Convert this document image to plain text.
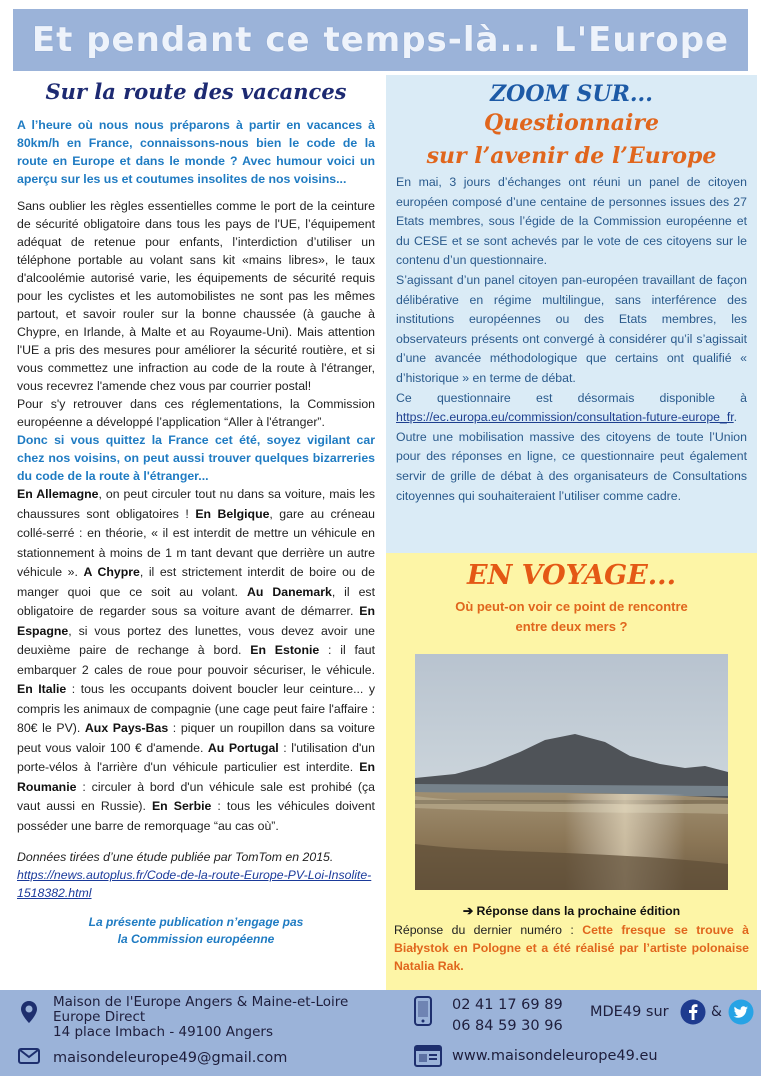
Et pendant ce temps-là... L'Europe
Sur la route des vacances

A l’heure où nous nous préparons à partir en vacances à 80km/h en France, connaissons-nous bien le code de la route en Europe et dans le monde ? Avec humour voici un aperçu sur les us et coutumes insolites de nos voisins...

Sans oublier les règles essentielles comme le port de la ceinture de sécurité obligatoire dans tous les pays de l'UE, l’équipement adéquat de retenue pour enfants, l’interdiction d’utiliser un téléphone portable au volant sans kit «mains libres», le taux d'alcoolémie autorisé varie, les équipements de sécurité requis pour les cyclistes et les automobilistes ne sont pas les mêmes partout, et savoir rouler sur la bonne chaussée (à gauche à Chypre, en Irlande, à Malte et au Royaume-Uni). Mais attention l'UE a pris des mesures pour améliorer la sécurité routière, et si vous commettez une infraction au code de la route à l'étranger, vous recevrez l'amende chez vous par courrier postal!

Pour s'y retrouver dans ces réglementations, la Commission européenne a développé l’application “Aller à l'étranger”.

Donc si vous quittez la France cet été, soyez vigilant car chez nos voisins, on peut aussi trouver quelques bizarreries du code de la route à l'étranger...

En Allemagne, on peut circuler tout nu dans sa voiture, mais les chaussures sont obligatoires ! En Belgique, gare au créneau collé-serré : en théorie, « il est interdit de mettre un véhicule en stationnement à moins de 1 m tant devant que derrière un autre véhicule ». A Chypre, il est strictement interdit de boire ou de manger quoi que ce soit au volant. Au Danemark, il est obligatoire de regarder sous sa voiture avant de démarrer. En Espagne, si vous portez des lunettes, vous devez avoir une deuxième paire de rechange à bord. En Estonie : il faut embarquer 2 cales de roue pour pouvoir sécuriser, le véhicule. En Italie : tous les occupants doivent boucler leur ceinture... y compris les animaux de compagnie (une cage peut faire l'affaire : 80€ le PV). Aux Pays-Bas : piquer un roupillon dans sa voiture peut vous valoir 100 € d'amende. Au Portugal : l'utilisation d'un porte-vélos à l'arrière d'un véhicule particulier est interdite. En Roumanie : circuler à bord d'un véhicule sale est prohibé (ça vaut aussi en Russie). En Serbie : tous les véhicules doivent posséder une barre de remorquage “au cas où”.

Données tirées d’une étude publiée par TomTom en 2015.

https://news.autoplus.fr/Code-de-la-route-Europe-PV-Loi-Insolite-1518382.html

La présente publication n’engage pas
la Commission européenne

ZOOM SUR...
Questionnaire
sur l’avenir de l’Europe

En mai, 3 jours d’échanges ont réuni un panel de citoyen européen composé d’une centaine de personnes issues des 27 Etats membres, sous l’égide de la Commission européenne et du CESE et se sont achevés par le vote de ces citoyens sur le contenu d’un questionnaire.

S’agissant d’un panel citoyen pan-européen travaillant de façon délibérative en régime multilingue, sans interférence des institutions européennes ou des Etats membres, les observateurs présents ont convergé à considérer qu’il s’agissait d’une avancée méthodologique que certains ont qualifié « d’historique » en terme de débat.

Ce questionnaire est désormais disponible à

https://ec.europa.eu/commission/consultation-future-europe_fr.

Outre une mobilisation massive des citoyens de toute l’Union pour des réponses en ligne, ce questionnaire peut également servir de grille de débat à des organisateurs de Consultations citoyennes qui souhaiteraient l’utiliser comme cadre.

EN VOYAGE...

Où peut-on voir ce point de rencontre
entre deux mers ?

➔ Réponse dans la prochaine édition

Réponse du dernier numéro : Cette fresque se trouve à Białystok en Pologne et a été réalisé par l’artiste polonaise Natalia Rak.

Maison de l'Europe Angers & Maine-et-Loire
Europe Direct
14 place Imbach - 49100 Angers
maisondeleurope49@gmail.com
02 41 17 69 89
06 84 59 30 96
MDE49 sur	&
www.maisondeleurope49.eu
